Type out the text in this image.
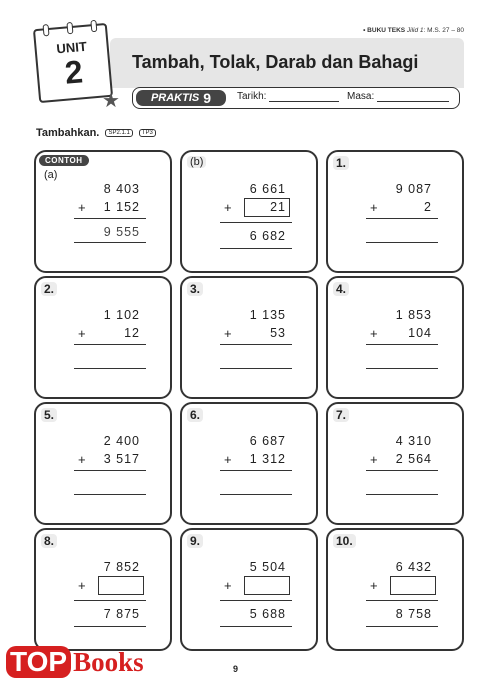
• BUKU TEKS Jilid 1: M.S. 27 – 80
UNIT
2
★
Tambah, Tolak, Darab dan Bahagi
PRAKTIS 9	Tarikh:	Masa:
Tambahkan. SP2.1.1 TP3
CONTOH
(a)
8 403
+ 1 152
9 555
(b)
6 661
+	21
6 682
1.
9 087
+	2
2.
1 102
+	12
3.
1 135
+	53
4.
1 853
+ 104
5.
2 400
+ 3 517
6.
6 687
+ 1 312
7.
4 310
+ 2 564
8.
7 852
+
7 875
9.
5 504
+
5 688
10.
6 432
+
8 758
9
TOP Books
